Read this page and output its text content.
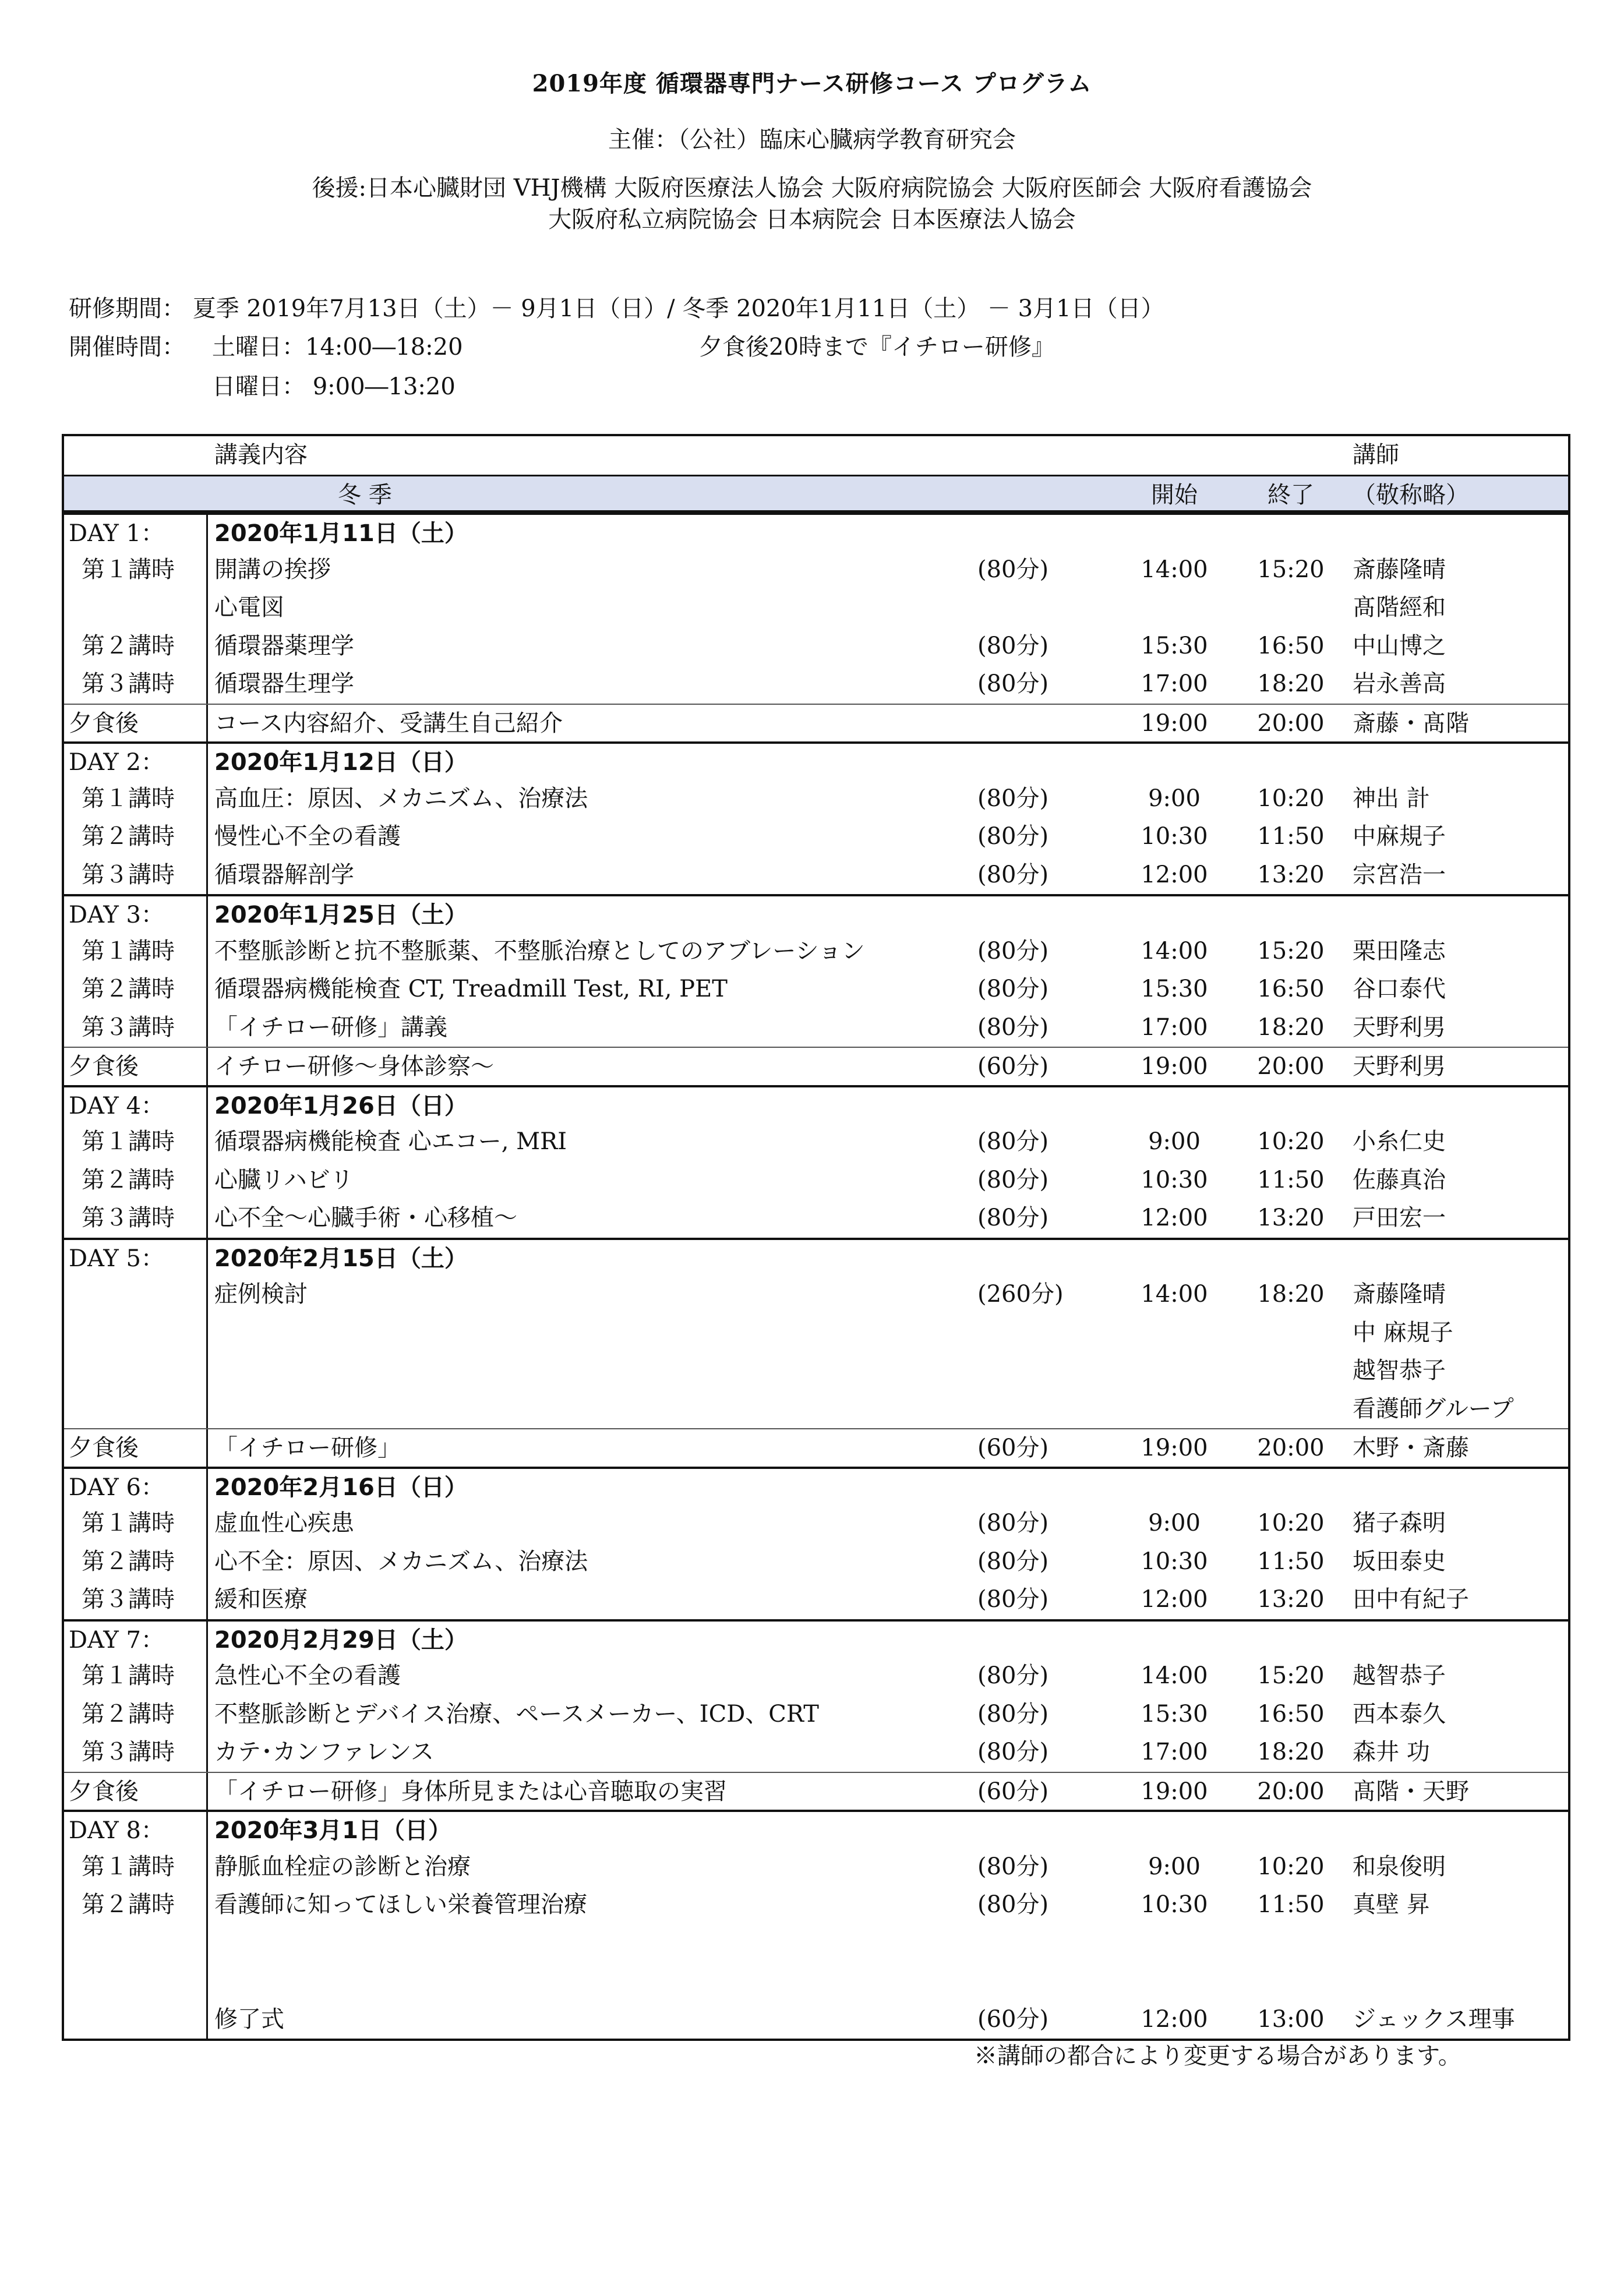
2019年度 循環器専門ナース研修コース プログラム
主催：（公社）臨床心臓病学教育研究会
後援:日本心臓財団 VHJ機構 大阪府医療法人協会 大阪府病院協会 大阪府医師会 大阪府看護協会
大阪府私立病院協会 日本病院会 日本医療法人協会
研修期間： 夏季 2019年7月13日（土）－ 9月1日（日）/ 冬季 2020年1月11日（土） － 3月1日（日）
開催時間： 土曜日：14:00―18:20
日曜日： 9:00―13:20
夕食後20時まで『イチロー研修』
講義内容	講師
冬 季	開始	終了	（敬称略）
DAY 1： 2020年1月11日（土）
第１講時 開講の挨拶	(80分)	14:00	15:20	斎藤隆晴
心電図	髙階經和
第２講時 循環器薬理学	(80分)	15:30	16:50	中山博之
第３講時 循環器生理学	(80分)	17:00	18:20	岩永善高
夕食後	コース内容紹介、受講生自己紹介	19:00	20:00	斎藤・髙階
DAY 2： 2020年1月12日（日）
第１講時 高血圧：原因、メカニズム、治療法	(80分)	9:00	10:20	神出 計
第２講時 慢性心不全の看護	(80分)	10:30	11:50	中麻規子
第３講時 循環器解剖学	(80分)	12:00	13:20	宗宮浩一
DAY 3： 2020年1月25日（土）
第１講時 不整脈診断と抗不整脈薬、不整脈治療としてのアブレーション	(80分)	14:00	15:20	栗田隆志
第２講時 循環器病機能検査 CT, Treadmill Test, RI, PET	(80分)	15:30	16:50	谷口泰代
第３講時 「イチロー研修」講義	(80分)	17:00	18:20	天野利男
夕食後	イチロー研修～身体診察～	(60分)	19:00	20:00	天野利男
DAY 4： 2020年1月26日（日）
第１講時 循環器病機能検査 心エコー, MRI	(80分)	9:00	10:20	小糸仁史
第２講時 心臓リハビリ	(80分)	10:30	11:50	佐藤真治
第３講時 心不全～心臓手術・心移植～	(80分)	12:00	13:20	戸田宏一
DAY 5： 2020年2月15日（土）
症例検討	(260分)	14:00	18:20	斎藤隆晴
中 麻規子
越智恭子
看護師グループ
夕食後	「イチロー研修」	(60分)	19:00	20:00	木野・斎藤
DAY 6： 2020年2月16日（日）
第１講時 虚血性心疾患	(80分)	9:00	10:20	猪子森明
第２講時 心不全：原因、メカニズム、治療法	(80分)	10:30	11:50	坂田泰史
第３講時 緩和医療	(80分)	12:00	13:20	田中有紀子
DAY 7： 2020月2月29日（土）
第１講時 急性心不全の看護	(80分)	14:00	15:20	越智恭子
第２講時 不整脈診断とデバイス治療、ペースメーカー、ICD、CRT	(80分)	15:30	16:50	西本泰久
第３講時 カテ･カンファレンス	(80分)	17:00	18:20	森井 功
夕食後	「イチロー研修」身体所見または心音聴取の実習	(60分)	19:00	20:00	髙階・天野
DAY 8： 2020年3月1日（日）
第１講時 静脈血栓症の診断と治療	(80分)	9:00	10:20	和泉俊明
第２講時 看護師に知ってほしい栄養管理治療	(80分)	10:30	11:50	真壁 昇
修了式	(60分)	12:00	13:00	ジェックス理事
※講師の都合により変更する場合があります。
